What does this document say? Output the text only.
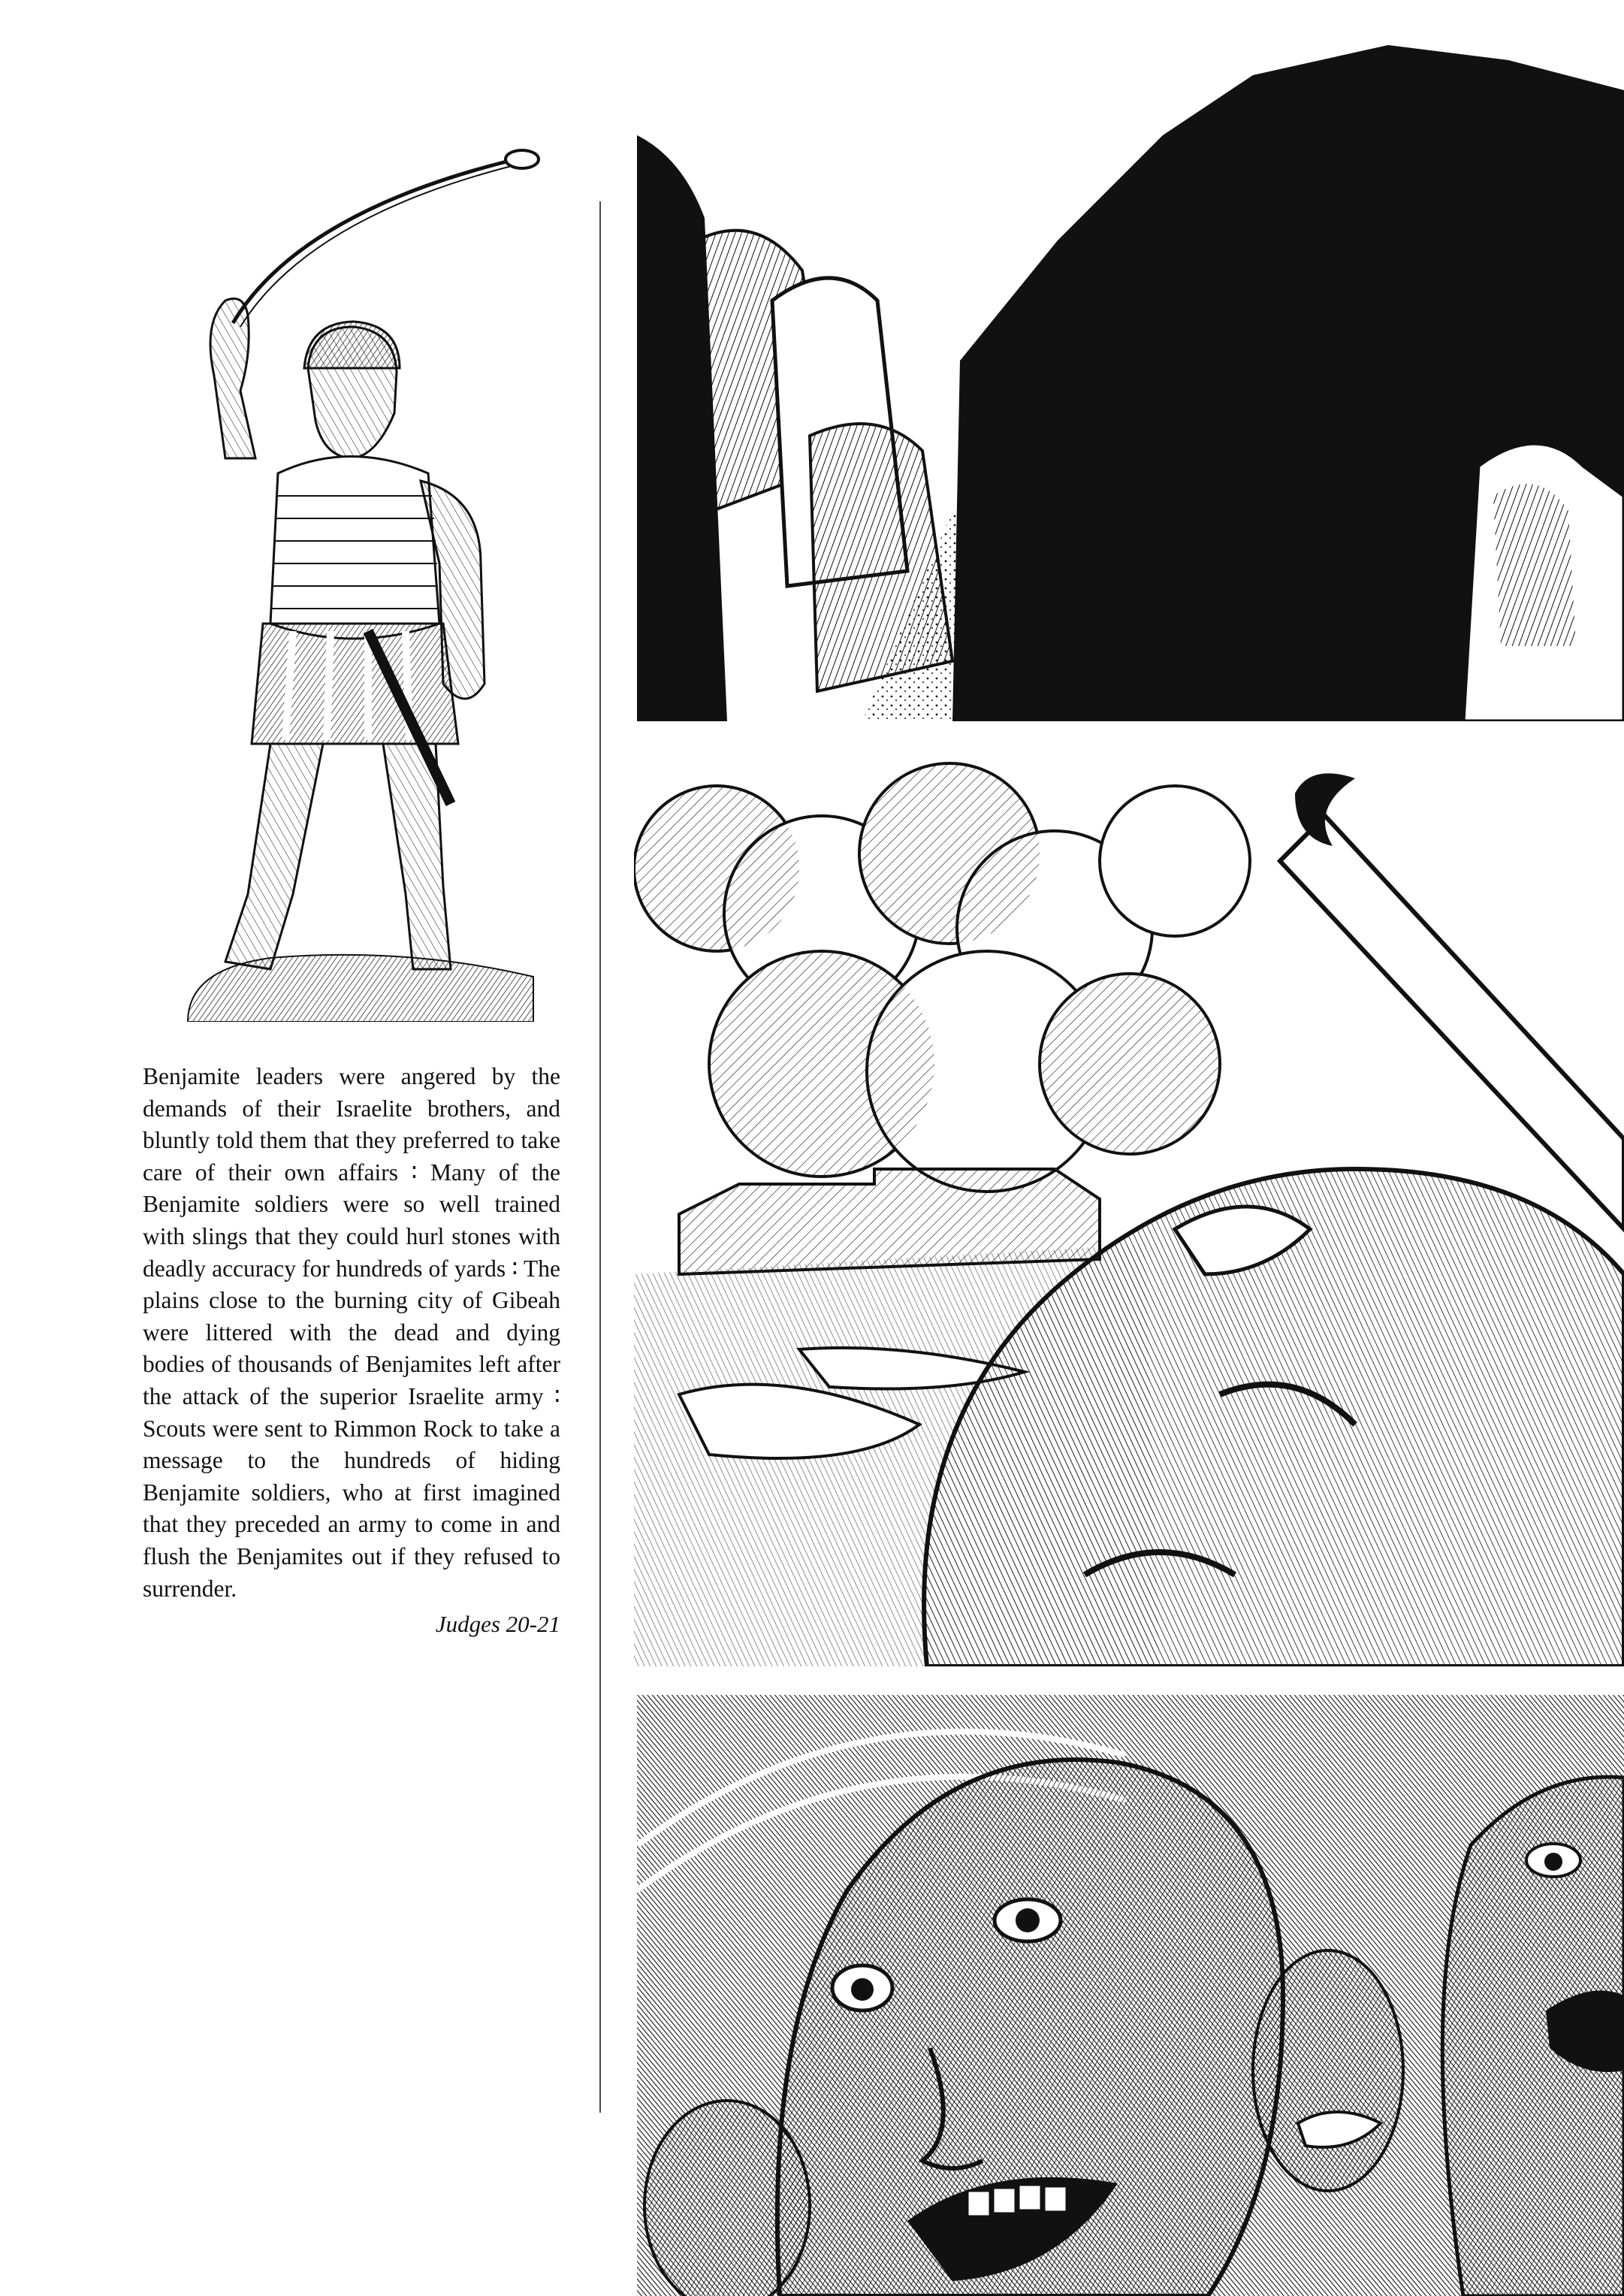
Benjamite leaders were angered by the demands of their Israelite brothers, and bluntly told them that they preferred to take care of their own affairs ∶ Many of the Benjamite soldiers were so well trained with slings that they could hurl stones with deadly accuracy for hundreds of yards ∶ The plains close to the burning city of Gibeah were littered with the dead and dying bodies of thousands of Benjamites left after the attack of the superior Israelite army ∶ Scouts were sent to Rimmon Rock to take a message to the hundreds of hiding Benjamite soldiers, who at first imagined that they preceded an army to come in and flush the Benjamites out if they refused to surrender.

Judges 20-21
